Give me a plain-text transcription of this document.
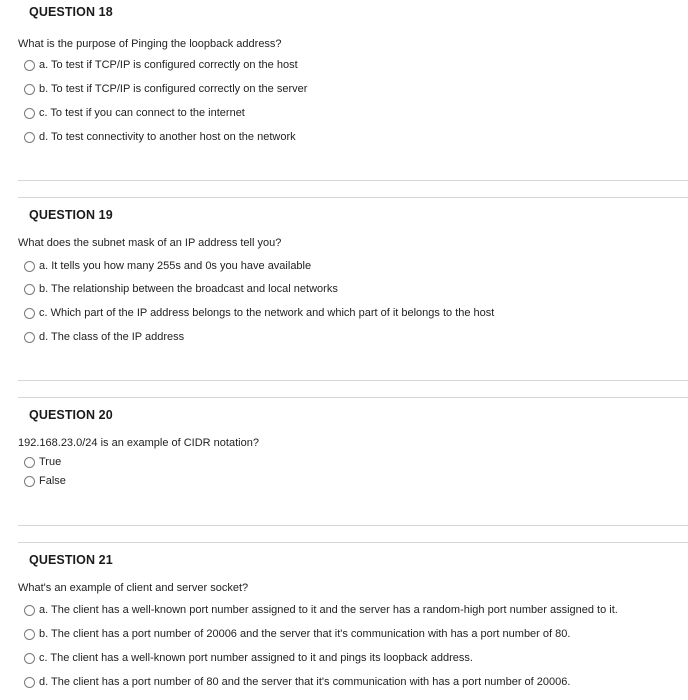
QUESTION 18
What is the purpose of Pinging the loopback address?
a. To test if TCP/IP is configured correctly on the host
b. To test if TCP/IP is configured correctly on the server
c. To test if you can connect to the internet
d. To test connectivity to another host on the network
QUESTION 19
What does the subnet mask of an IP address tell you?
a. It tells you how many 255s and 0s you have available
b. The relationship between the broadcast and local networks
c. Which part of the IP address belongs to the network and which part of it belongs to the host
d. The class of the IP address
QUESTION 20
192.168.23.0/24 is an example of CIDR notation?
True
False
QUESTION 21
What's an example of client and server socket?
a. The client has a well-known port number assigned to it and the server has a random-high port number assigned to it.
b. The client has a port number of 20006 and the server that it's communication with has a port number of 80.
c. The client has a well-known port number assigned to it and pings its loopback address.
d. The client has a port number of 80 and the server that it's communication with has a port number of 20006.
